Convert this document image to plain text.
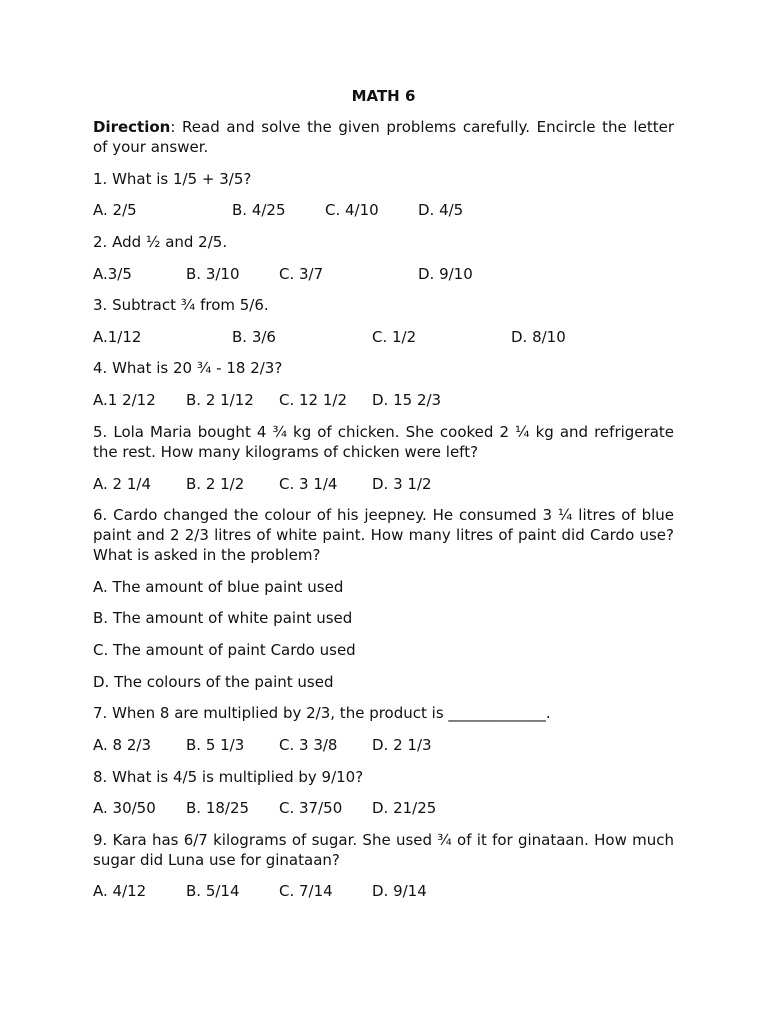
MATH 6

Direction: Read and solve the given problems carefully. Encircle the letter of your answer.

1. What is 1/5 + 3/5?

A. 2/5	B. 4/25	C. 4/10	D. 4/5

2. Add ½ and 2/5.

A.3/5	B. 3/10	C. 3/7	D. 9/10

3. Subtract ¾ from 5/6.

A.1/12	B. 3/6	C. 1/2	D. 8/10

4. What is 20 ¾ - 18 2/3?

A.1 2/12 B. 2 1/12 C. 12 1/2 D. 15 2/3

5. Lola Maria bought 4 ¾ kg of chicken. She cooked 2 ¼ kg and refrigerate the rest. How many kilograms of chicken were left?

A. 2 1/4 B. 2 1/2 C. 3 1/4 D. 3 1/2

6. Cardo changed the colour of his jeepney. He consumed 3 ¼ litres of blue paint and 2 2/3 litres of white paint. How many litres of paint did Cardo use? What is asked in the problem?

A. The amount of blue paint used
B. The amount of white paint used
C. The amount of paint Cardo used
D. The colours of the paint used

7. When 8 are multiplied by 2/3, the product is _____________.

A. 8 2/3 B. 5 1/3 C. 3 3/8 D. 2 1/3

8. What is 4/5 is multiplied by 9/10?

A. 30/50 B. 18/25 C. 37/50 D. 21/25

9. Kara has 6/7 kilograms of sugar. She used ¾ of it for ginataan. How much sugar did Luna use for ginataan?

A. 4/12	B. 5/14	C. 7/14	D. 9/14
